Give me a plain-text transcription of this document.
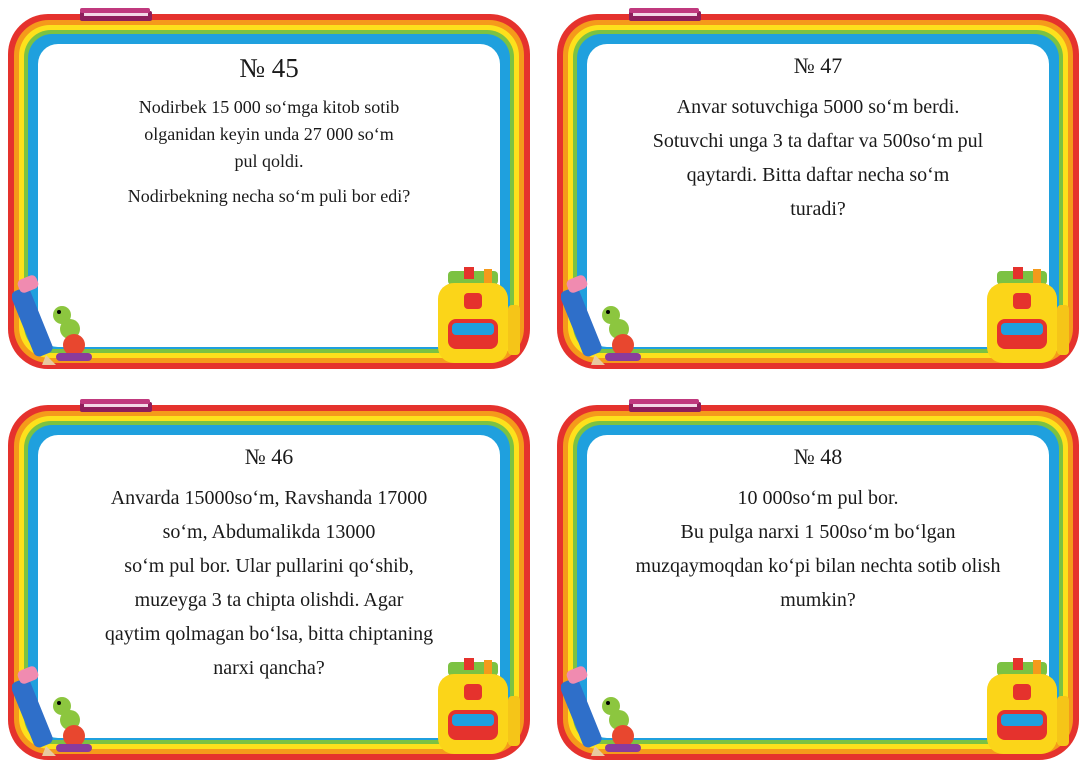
№ 45

Nodirbek 15 000 so‘mga kitob sotib

olganidan keyin unda 27 000 so‘m

pul qoldi.

Nodirbekning necha so‘m puli bor edi?

№ 47

Anvar sotuvchiga 5000 so‘m berdi.

Sotuvchi unga 3 ta daftar va 500so‘m pul

qaytardi. Bitta daftar necha so‘m

turadi?

№ 46

Anvarda 15000so‘m, Ravshanda 17000

so‘m, Abdumalikda 13000

so‘m pul bor. Ular pullarini qo‘shib,

muzeyga 3 ta chipta olishdi. Agar

qaytim qolmagan bo‘lsa, bitta chiptaning

narxi qancha?

№ 48

10 000so‘m pul bor.

Bu pulga narxi 1 500so‘m bo‘lgan

muzqaymoqdan ko‘pi bilan nechta sotib olish

mumkin?
